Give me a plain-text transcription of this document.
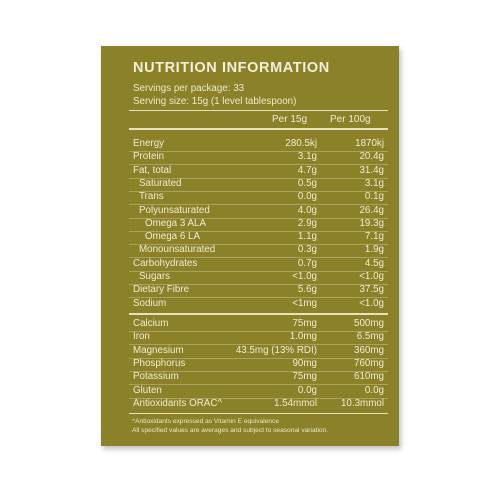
NUTRITION INFORMATION
Servings per package: 33
Serving size: 15g (1 level tablespoon)
Per 15g Per 100g
Energy	280.5kj	1870kj
Protein	3.1g	20.4g
Fat, total	4.7g	31.4g
Saturated	0.5g	3.1g
Trans	0.0g	0.1g
Polyunsaturated	4.0g	26.4g
Omega 3 ALA	2.9g	19.3g
Omega 6 LA	1.1g	7.1g
Monounsaturated	0.3g	1.9g
Carbohydrates	0.7g	4.5g
Sugars	<1.0g	<1.0g
Dietary Fibre	5.6g	37.5g
Sodium	<1mg	<1.0g
Calcium	75mg	500mg
Iron	1.0mg	6.5mg
Magnesium	43.5mg (13% RDI)	360mg
Phosphorus	90mg	760mg
Potassium	75mg	610mg
Gluten	0.0g	0.0g
Antioxidants ORAC^	1.54mmol 10.3mmol
^Antioxidants expressed as Vitamin E equivalence
All specified values are averages and subject to seasonal variation.
